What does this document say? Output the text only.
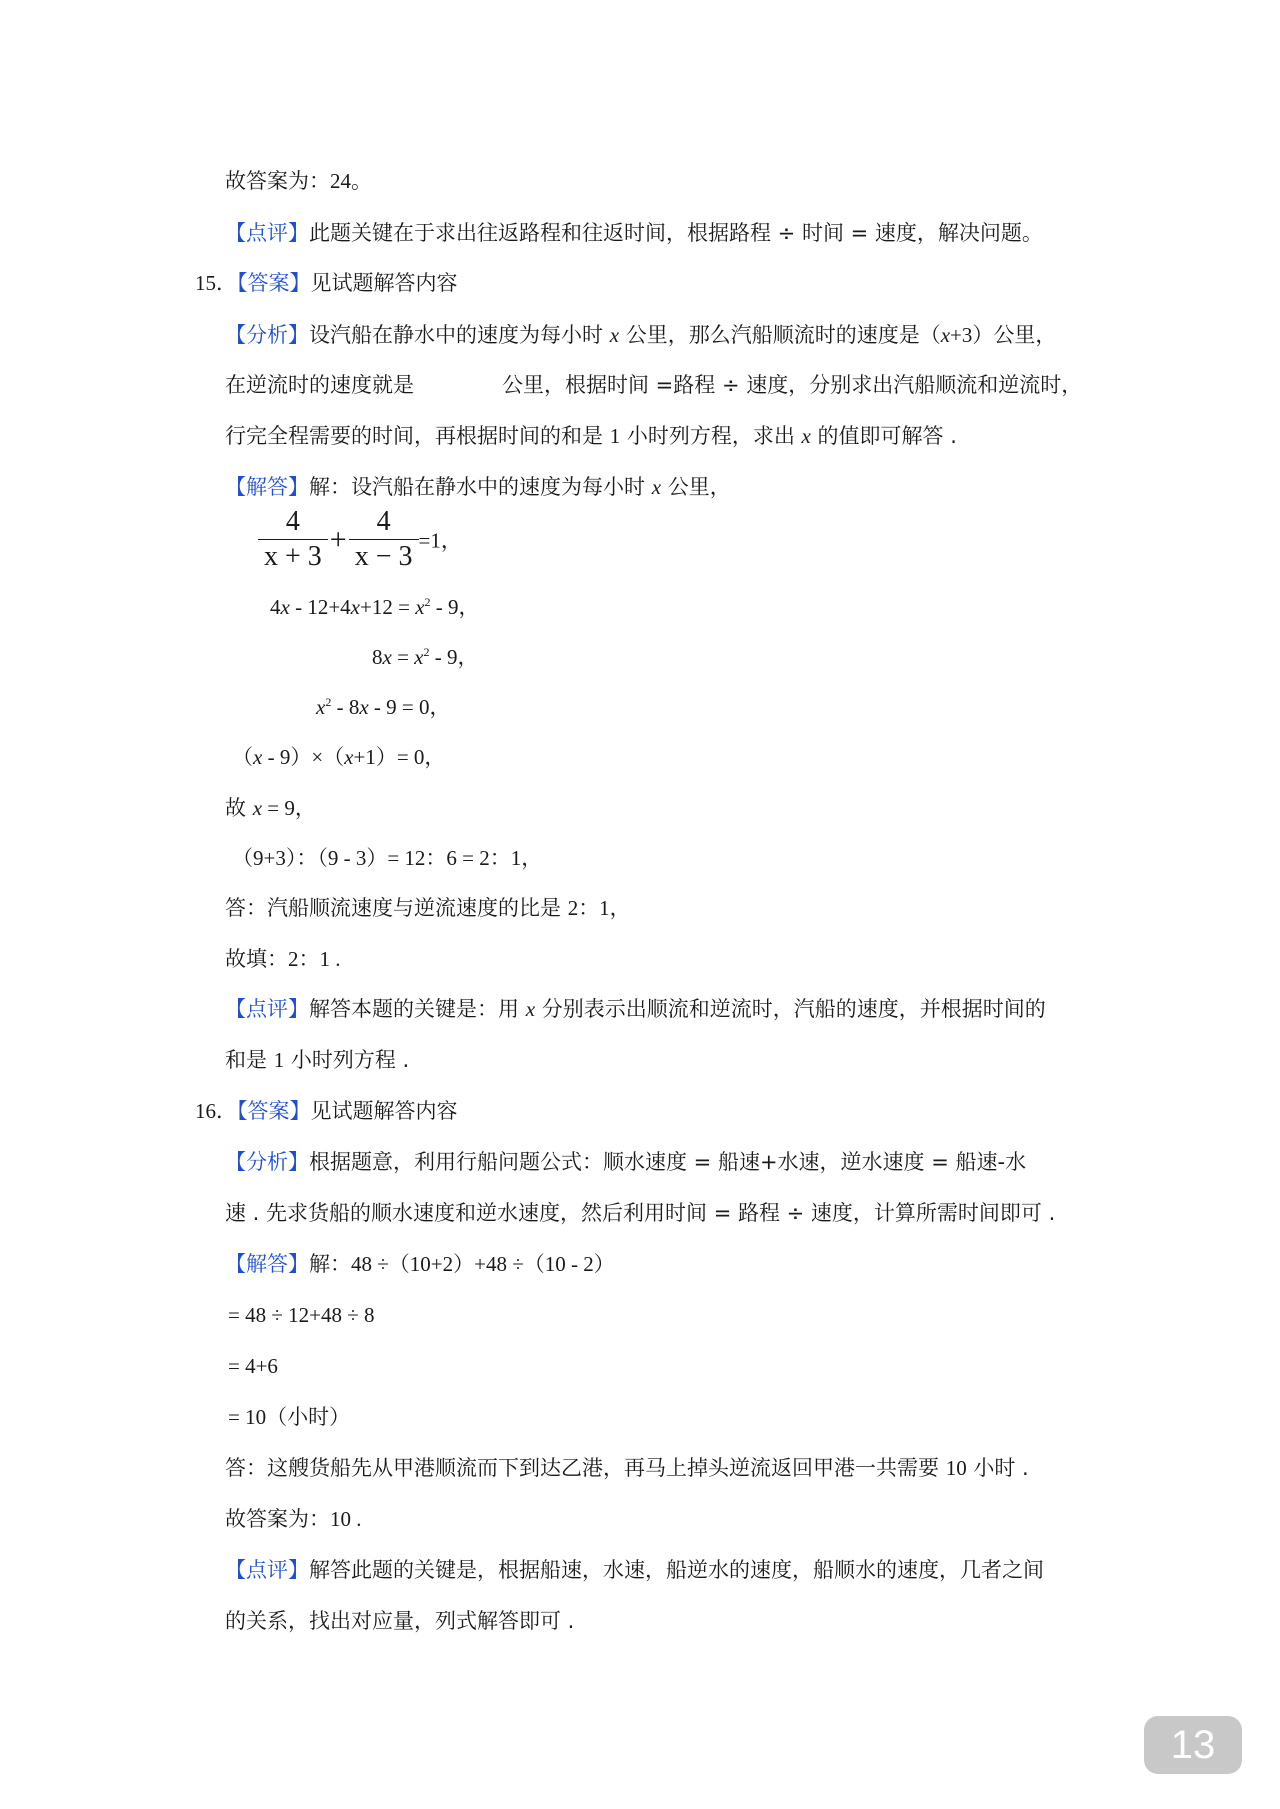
故答案为：24。
【点评】此题关键在于求出往返路程和往返时间，根据路程 ÷ 时间 = 速度，解决问题。
15．【答案】见试题解答内容
【分析】设汽船在静水中的速度为每小时 x 公里，那么汽船顺流时的速度是（x+3）公里，
在逆流时的速度就是	公里，根据时间 =路程 ÷ 速度，分别求出汽船顺流和逆流时，
行完全程需要的时间，再根据时间的和是 1 小时列方程，求出 x 的值即可解答 .
【解答】解：设汽船在静水中的速度为每小时 x 公里，
$\frac{4}{x + 3} + \frac{4}{x - 3} =1$，
$4x - 12+4x+12 = x^2 - 9$，
$8x = x^2 - 9$，
$x^2 - 8x - 9 = 0$，
（x - 9）×（x+1）= 0，
故 x = 9，
（9+3）：（9 - 3）= 12：6 = 2：1，
答：汽船顺流速度与逆流速度的比是 2：1，
故填：2：1 .
【点评】解答本题的关键是：用 x 分别表示出顺流和逆流时，汽船的速度，并根据时间的
和是 1 小时列方程 .
16．【答案】见试题解答内容
【分析】根据题意，利用行船问题公式：顺水速度 = 船速+水速，逆水速度 = 船速-水
速 . 先求货船的顺水速度和逆水速度，然后利用时间 = 路程 ÷ 速度，计算所需时间即可 .
【解答】解：48 ÷（10+2）+48 ÷（10 - 2）
= 48 ÷ 12+48 ÷ 8
= 4+6
= 10（小时）
答：这艘货船先从甲港顺流而下到达乙港，再马上掉头逆流返回甲港一共需要 10 小时 .
故答案为：10 .
【点评】解答此题的关键是，根据船速，水速，船逆水的速度，船顺水的速度，几者之间
的关系，找出对应量，列式解答即可 .
13
